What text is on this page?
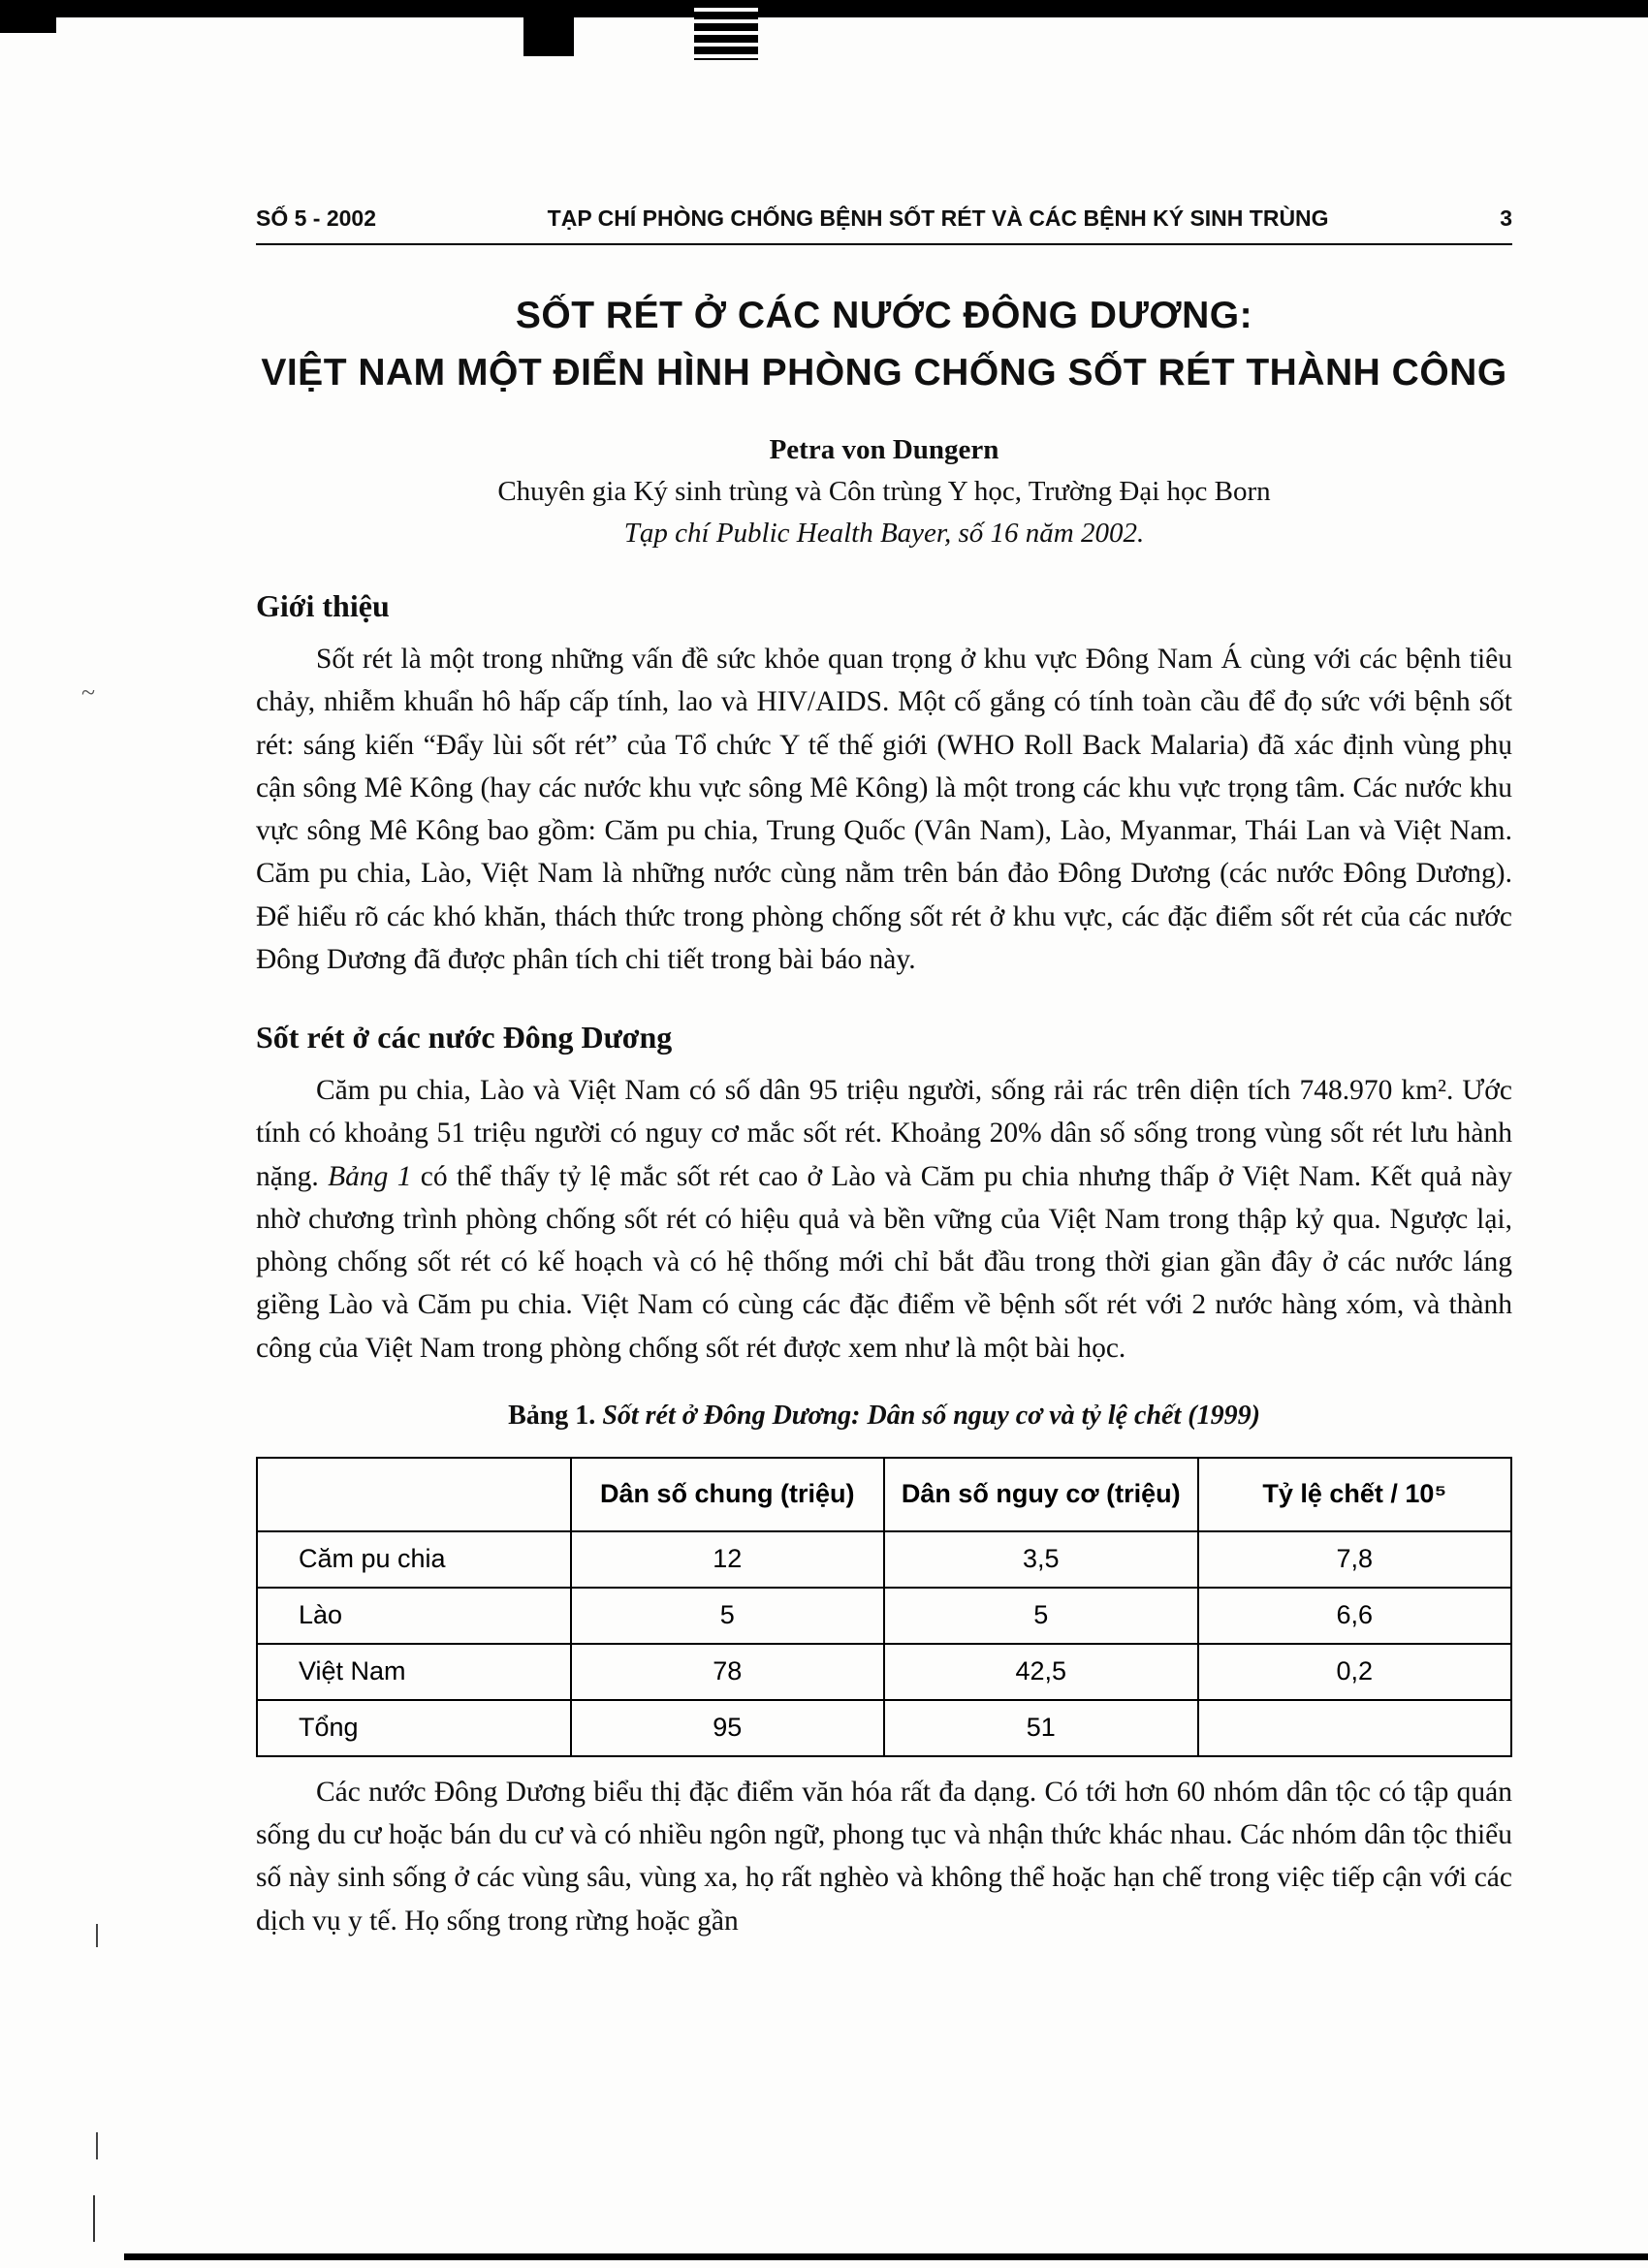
~
SỐ 5 - 2002	TẠP CHÍ PHÒNG CHỐNG BỆNH SỐT RÉT VÀ CÁC BỆNH KÝ SINH TRÙNG	3
SỐT RÉT Ở CÁC NƯỚC ĐÔNG DƯƠNG:
VIỆT NAM MỘT ĐIỂN HÌNH PHÒNG CHỐNG SỐT RÉT THÀNH CÔNG
Petra von Dungern
Chuyên gia Ký sinh trùng và Côn trùng Y học, Trường Đại học Born
Tạp chí Public Health Bayer, số 16 năm 2002.
Giới thiệu

Sốt rét là một trong những vấn đề sức khỏe quan trọng ở khu vực Đông Nam Á cùng với các bệnh tiêu chảy, nhiễm khuẩn hô hấp cấp tính, lao và HIV/AIDS. Một cố gắng có tính toàn cầu để đọ sức với bệnh sốt rét: sáng kiến “Đẩy lùi sốt rét” của Tổ chức Y tế thế giới (WHO Roll Back Malaria) đã xác định vùng phụ cận sông Mê Kông (hay các nước khu vực sông Mê Kông) là một trong các khu vực trọng tâm. Các nước khu vực sông Mê Kông bao gồm: Căm pu chia, Trung Quốc (Vân Nam), Lào, Myanmar, Thái Lan và Việt Nam. Căm pu chia, Lào, Việt Nam là những nước cùng nằm trên bán đảo Đông Dương (các nước Đông Dương). Để hiểu rõ các khó khăn, thách thức trong phòng chống sốt rét ở khu vực, các đặc điểm sốt rét của các nước Đông Dương đã được phân tích chi tiết trong bài báo này.

Sốt rét ở các nước Đông Dương

Căm pu chia, Lào và Việt Nam có số dân 95 triệu người, sống rải rác trên diện tích 748.970 km². Ước tính có khoảng 51 triệu người có nguy cơ mắc sốt rét. Khoảng 20% dân số sống trong vùng sốt rét lưu hành nặng. Bảng 1 có thể thấy tỷ lệ mắc sốt rét cao ở Lào và Căm pu chia nhưng thấp ở Việt Nam. Kết quả này nhờ chương trình phòng chống sốt rét có hiệu quả và bền vững của Việt Nam trong thập kỷ qua. Ngược lại, phòng chống sốt rét có kế hoạch và có hệ thống mới chỉ bắt đầu trong thời gian gần đây ở các nước láng giềng Lào và Căm pu chia. Việt Nam có cùng các đặc điểm về bệnh sốt rét với 2 nước hàng xóm, và thành công của Việt Nam trong phòng chống sốt rét được xem như là một bài học.

Bảng 1. Sốt rét ở Đông Dương: Dân số nguy cơ và tỷ lệ chết (1999)
	Dân số chung (triệu)	Dân số nguy cơ (triệu)	Tỷ lệ chết / 10⁵
Căm pu chia	12	3,5	7,8
Lào	5	5	6,6
Việt Nam	78	42,5	0,2
Tổng	95	51	

Các nước Đông Dương biểu thị đặc điểm văn hóa rất đa dạng. Có tới hơn 60 nhóm dân tộc có tập quán sống du cư hoặc bán du cư và có nhiều ngôn ngữ, phong tục và nhận thức khác nhau. Các nhóm dân tộc thiểu số này sinh sống ở các vùng sâu, vùng xa, họ rất nghèo và không thể hoặc hạn chế trong việc tiếp cận với các dịch vụ y tế. Họ sống trong rừng hoặc gần
